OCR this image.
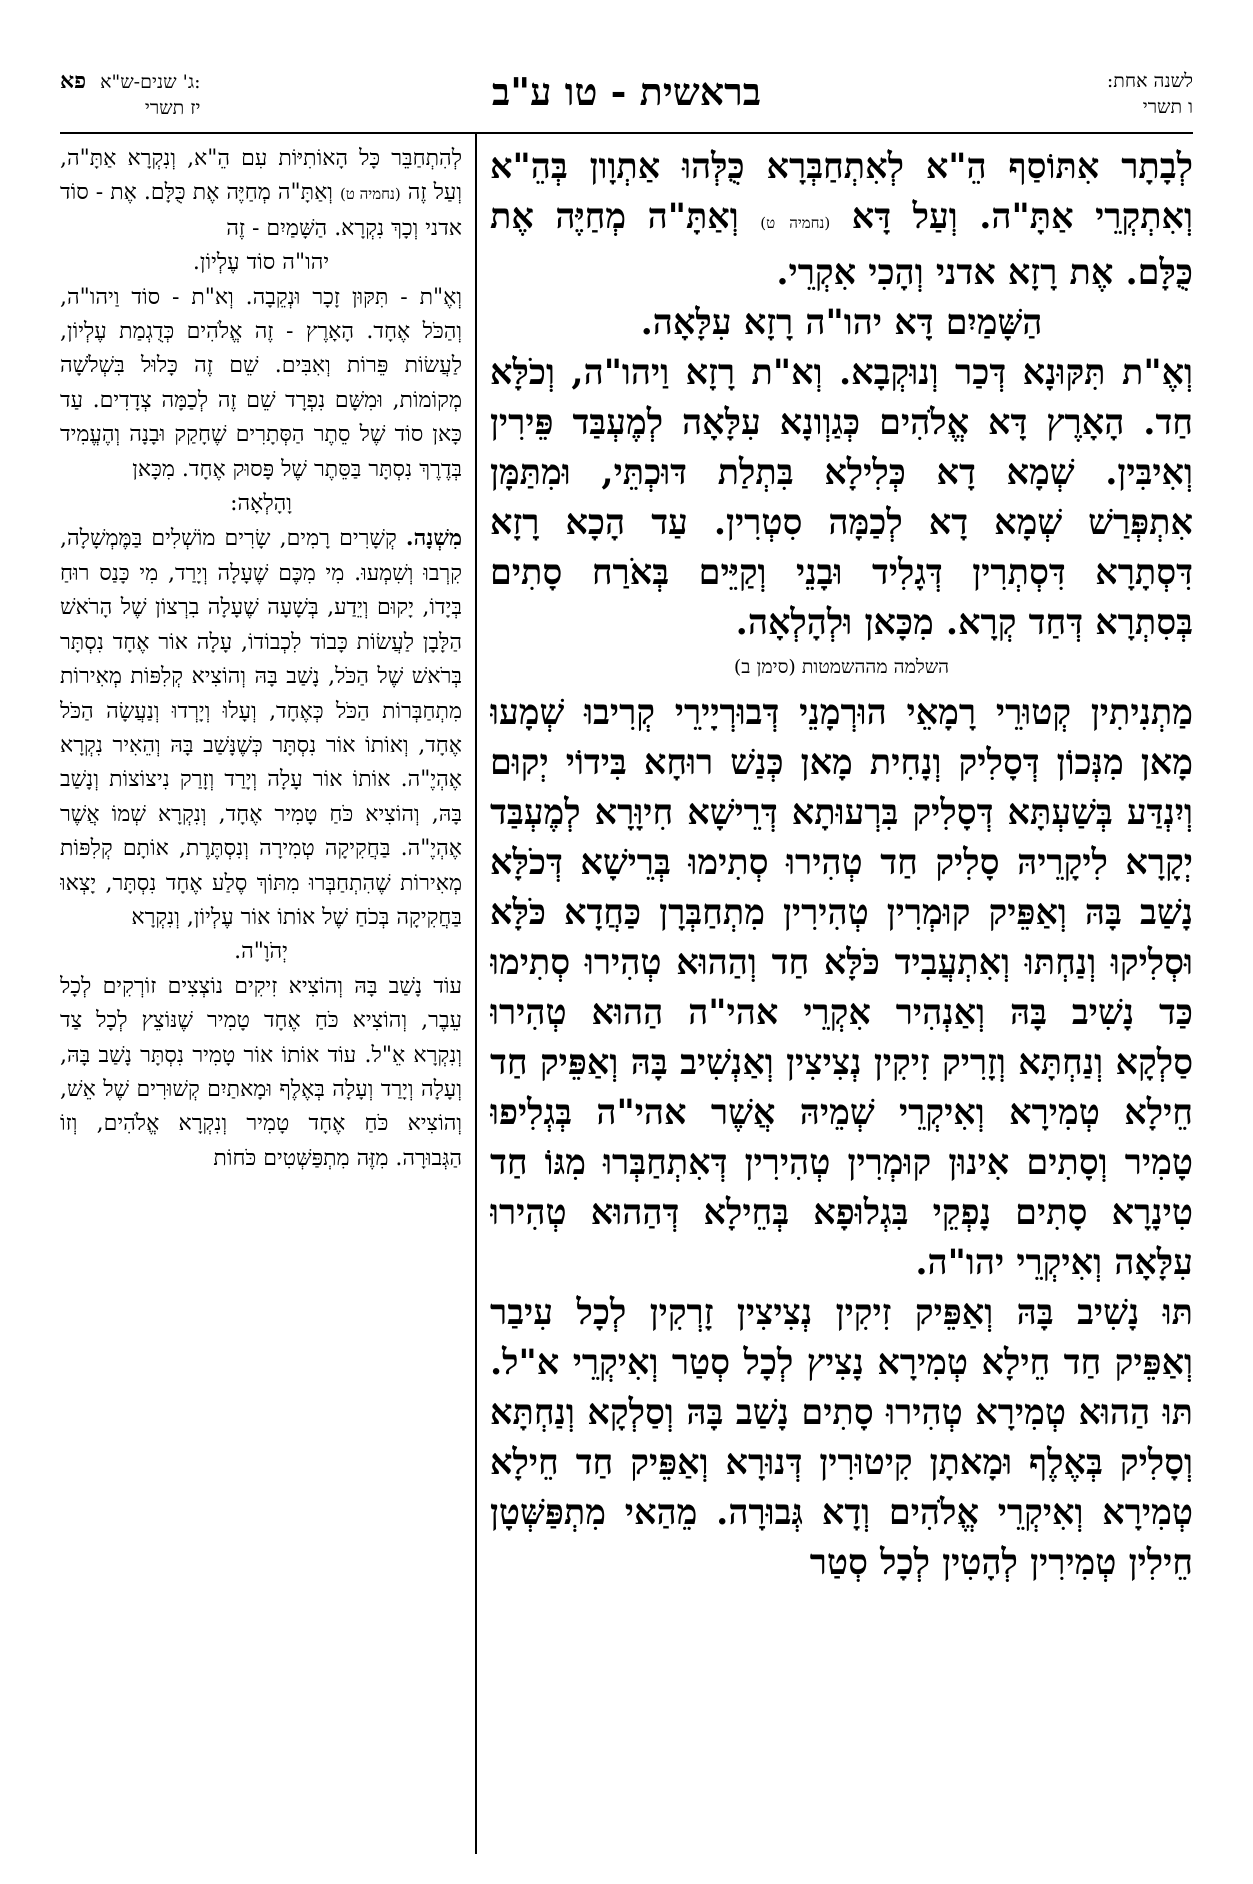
לשנה אחת:
ו תשרי
בראשית - טו ע"ב
פא ג' שנים-ש"א:
יז תשרי

לְבָתָר אִתּוֹסַף הֵ"א לְאִתְחַבְּרָא כֻּלְּהוּ אַתְוָון בְּהֵ"א וְאִתְקְרֵי אַתָּ"ה. וְעַל דָּא (נחמיה ט) וְאַתָּ"ה מְחַיֶּה אֶת כֻּלָּם. אֶת רָזָא אדני וְהָכִי אִקְרֵי.

הַשָּׁמַיִם דָּא יהו"ה רָזָא עִלָּאָה.

וְאֶ"ת תִּקּוּנָא דְּכַר וְנוּקְבָא. וְא"ת רָזָא וַיהו"ה, וְכֹלָּא חַד. הָאָרֶץ דָּא אֱלֹהִים כְּגַוְונָא עִלָּאָה לְמֶעְבַּד פֵּירִין וְאִיבִּין. שְׁמָא דָא כְּלִילָא בִּתְלַת דּוּכְתֵּי, וּמִתַּמָּן אִתְפְּרַשׁ שְׁמָא דָא לְכַמָּה סִטְרִין. עַד הָכָא רָזָא דִּסְתָרָא דִּסְתְרִין דְּגָלִיד וּבָנֵי וְקַיֵּים בְּאֹרַח סָתִים בְּסִתְרָא דְּחַד קְרָא. מִכָּאן וּלְהָלְאָה.

השלמה מההשמטות (סימן ב)

מַתְנִיתִין קְטוּרֵי רָמָאֵי הוּרְמָנֵי דְּבוּרְיָירֵי קְרִיבוּ שְׁמָעוּ מָאן מִנְּכוֹן דְּסָלִיק וְנָחִית מָאן כְּנַשׁ רוּחָא בִּידוֹי יְקוּם וְיִנְדַּע בְּשַׁעְתָּא דְּסָלִיק בִּרְעוּתָא דְּרֵישָׁא חִיוָּרָא לְמֶעְבַּד יְקָרָא לִיקָרֵיהּ סָלִיק חַד טְהִירוּ סְתִימוּ בְּרֵישָׁא דְּכֹלָּא נָשַׁב בָּהּ וְאַפֵּיק קוּמְרִין טְהִירִין מִתְחַבְּרָן כַּחֲדָא כֹּלָּא וּסְלִיקוּ וְנַחְתּוּ וְאִתְעֲבִיד כֹּלָּא חַד וְהַהוּא טְהִירוּ סְתִימוּ כַּד נָשִׁיב בָּהּ וְאַנְהִיר אִקְרֵי אהי"ה הַהוּא טְהִירוּ סַלְקָא וְנַחְתָּא וְזָרִיק זִיקִין נְצִיצִין וְאַנְשִׁיב בָּהּ וְאַפֵּיק חַד חֵילָא טְמִירָא וְאִיקְרֵי שְׁמֵיהּ אֲשֶׁר אהי"ה בְּגְלִיפוּ טָמִיר וְסָתִים אִינוּן קוּמְרִין טְהִירִין דְּאִתְחַבְּרוּ מִגּוֹ חַד טִינָרָא סָתִים נָפְקֵי בִּגְלוּפָא בְּחֵילָא דְּהַהוּא טְהִירוּ עִלָּאָה וְאִיקְרֵי יהו"ה.

תּוּ נָשִׁיב בָּהּ וְאַפֵּיק זִיקִין נְצִיצִין זָרְקִין לְכָל עִיבַר וְאַפֵּיק חַד חֵילָא טְמִירָא נָצִיץ לְכָל סְטַר וְאִיקְרֵי א"ל. תּוּ הַהוּא טְמִירָא טְהִירוּ סָתִים נָשַׁב בָּהּ וְסַלְקָא וְנַחְתָּא וְסָלִיק בְּאֶלֶף וּמָאתָן קִיטוּרִין דְּנוּרָא וְאַפֵּיק חַד חֵילָא טְמִירָא וְאִיקְרֵי אֱלֹהִים וְדָא גְּבוּרָה. מֵהַאי מִתְפַּשְּׁטָן חֵילִין טְמִירִין לְהָטִין לְכָל סְטַר

לְהִתְחַבֵּר כָּל הָאוֹתִיּוֹת עִם הֵ"א, וְנִקְרָא אַתָּ"ה, וְעַל זֶה (נחמיה ט) וְאַתָּ"ה מְחַיֶּה אֶת כֻּלָּם. אֶת - סוֹד אדני וְכָךְ נִקְרָא. הַשָּׁמַיִם - זֶה

יהו"ה סוֹד עֶלְיוֹן.

וְאֶ"ת - תִּקּוּן זָכָר וּנְקֵבָה. וְא"ת - סוֹד וַיהו"ה, וְהַכֹּל אֶחָד. הָאָרֶץ - זֶה אֱלֹהִים כְּדֻגְמַת עֶלְיוֹן, לַעֲשׂוֹת פֵּרוֹת וְאִבִּים. שֵׁם זֶה כָּלוּל בִּשְׁלֹשָׁה מְקוֹמוֹת, וּמִשָּׁם נִפְרָד שֵׁם זֶה לְכַמָּה צְדָדִים. עַד כָּאן סוֹד שֶׁל סֵתֶר הַסְּתָרִים שֶׁחָקַק וּבָנָה וְהֶעֱמִיד בְּדֶרֶךְ נִסְתָּר בַּסֵּתֶר שֶׁל פָּסוּק אֶחָד. מִכָּאן

וָהָלְאָה:

מִשְׁנָה. קְשָׁרִים רָמִים, שָׂרִים מוֹשְׁלִים בַּמֶּמְשָׁלָה, קִרְבוּ וְשִׁמְעוּ. מִי מִכֶּם שֶׁעָלָה וְיָרַד, מִי כָּנַס רוּחַ בְּיָדוֹ, יָקוּם וְיֵדַע, בְּשָׁעָה שֶׁעָלָה בִרְצוֹן שֶׁל הָרֹאשׁ הַלָּבָן לַעֲשׂוֹת כָּבוֹד לִכְבוֹדוֹ, עָלָה אוֹר אֶחָד נִסְתָּר בְּרֹאשׁ שֶׁל הַכֹּל, נָשַׁב בָּהּ וְהוֹצִיא קְלִפּוֹת מְאִירוֹת מִתְחַבְּרוֹת הַכֹּל כְּאֶחָד, וְעָלוּ וְיָרְדוּ וְנַעֲשָׂה הַכֹּל אֶחָד, וְאוֹתוֹ אוֹר נִסְתָּר כְּשֶׁנָּשַׁב בָּהּ וְהֵאִיר נִקְרָא אֶהְיֶ"ה. אוֹתוֹ אוֹר עָלָה וְיָרַד וְזָרַק נִיצוֹצוֹת וְנָשַׁב בָּהּ, וְהוֹצִיא כֹּחַ טָמִיר אֶחָד, וְנִקְרָא שְׁמוֹ אֲשֶׁר אֶהְיֶ"ה. בַּחֲקִיקָה טְמִירָה וְנִסְתֶּרֶת, אוֹתָם קְלִפּוֹת מְאִירוֹת שֶׁהִתְחַבְּרוּ מִתּוֹךְ סֶלַע אֶחָד נִסְתָּר, יָצְאוּ בַּחֲקִיקָה בְּכֹחַ שֶׁל אוֹתוֹ אוֹר עֶלְיוֹן, וְנִקְרָא

יְהֹוָ"ה.

עוֹד נָשַׁב בָּהּ וְהוֹצִיא זִיקִים נוֹצְצִים זוֹרְקִים לְכָל עֵבֶר, וְהוֹצִיא כֹּחַ אֶחָד טָמִיר שֶׁנּוֹצֵץ לְכָל צַד וְנִקְרָא אֵ"ל. עוֹד אוֹתוֹ אוֹר טָמִיר נִסְתָּר נָשַׁב בָּהּ, וְעָלָה וְיָרַד וְעָלָה בְּאֶלֶף וּמָאתַיִם קְשׁוּרִים שֶׁל אֵשׁ, וְהוֹצִיא כֹּחַ אֶחָד טָמִיר וְנִקְרָא אֱלֹהִים, וְזוֹ הַגְּבוּרָה. מִזֶּה מִתְפַּשְּׁטִים כֹּחוֹת
